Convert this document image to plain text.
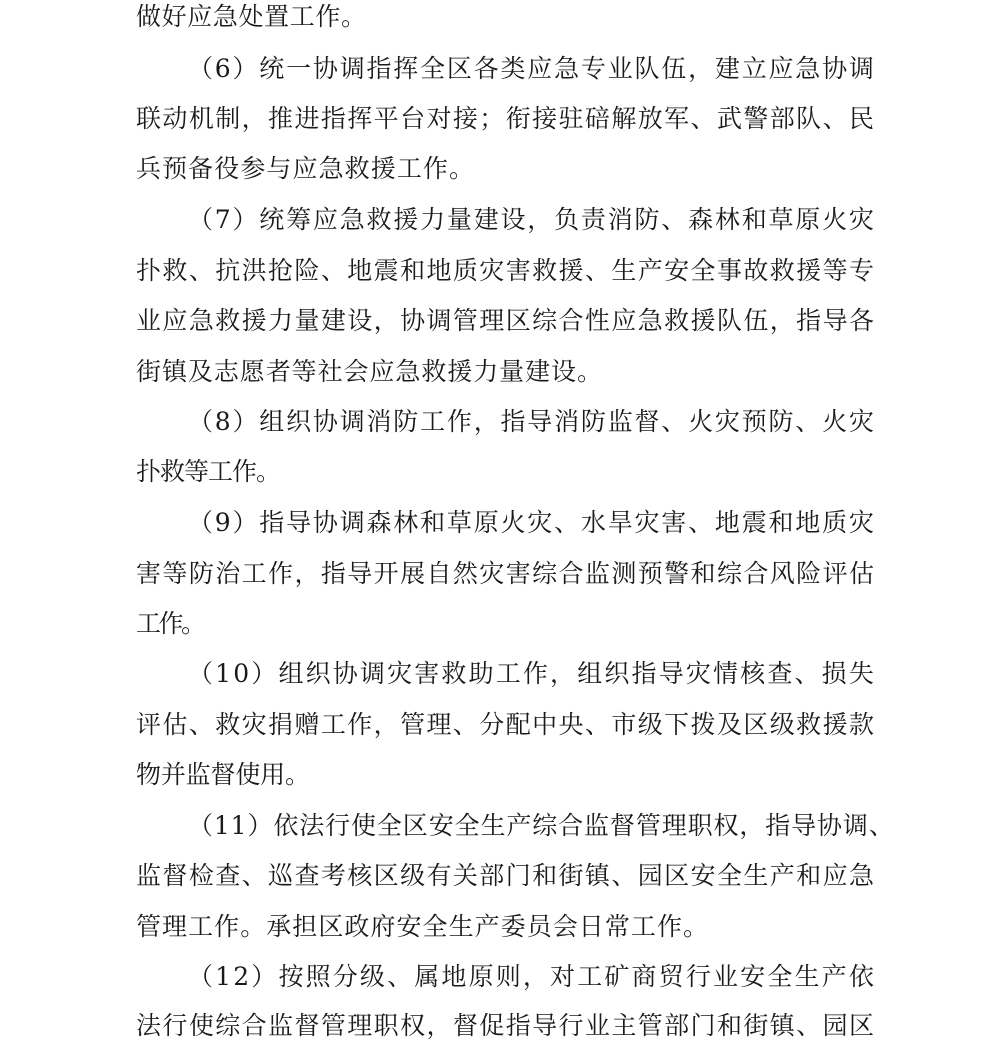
做好应急处置工作。
（6）统一协调指挥全区各类应急专业队伍，建立应急协调
联动机制，推进指挥平台对接；衔接驻碚解放军、武警部队、民
兵预备役参与应急救援工作。
（7）统筹应急救援力量建设，负责消防、森林和草原火灾
扑救、抗洪抢险、地震和地质灾害救援、生产安全事故救援等专
业应急救援力量建设，协调管理区综合性应急救援队伍，指导各
街镇及志愿者等社会应急救援力量建设。
（8）组织协调消防工作，指导消防监督、火灾预防、火灾
扑救等工作。
（9）指导协调森林和草原火灾、水旱灾害、地震和地质灾
害等防治工作，指导开展自然灾害综合监测预警和综合风险评估
工作。
（10）组织协调灾害救助工作，组织指导灾情核查、损失
评估、救灾捐赠工作，管理、分配中央、市级下拨及区级救援款
物并监督使用。
（11）依法行使全区安全生产综合监督管理职权，指导协调、
监督检查、巡查考核区级有关部门和街镇、园区安全生产和应急
管理工作。承担区政府安全生产委员会日常工作。
（12）按照分级、属地原则，对工矿商贸行业安全生产依
法行使综合监督管理职权，督促指导行业主管部门和街镇、园区
